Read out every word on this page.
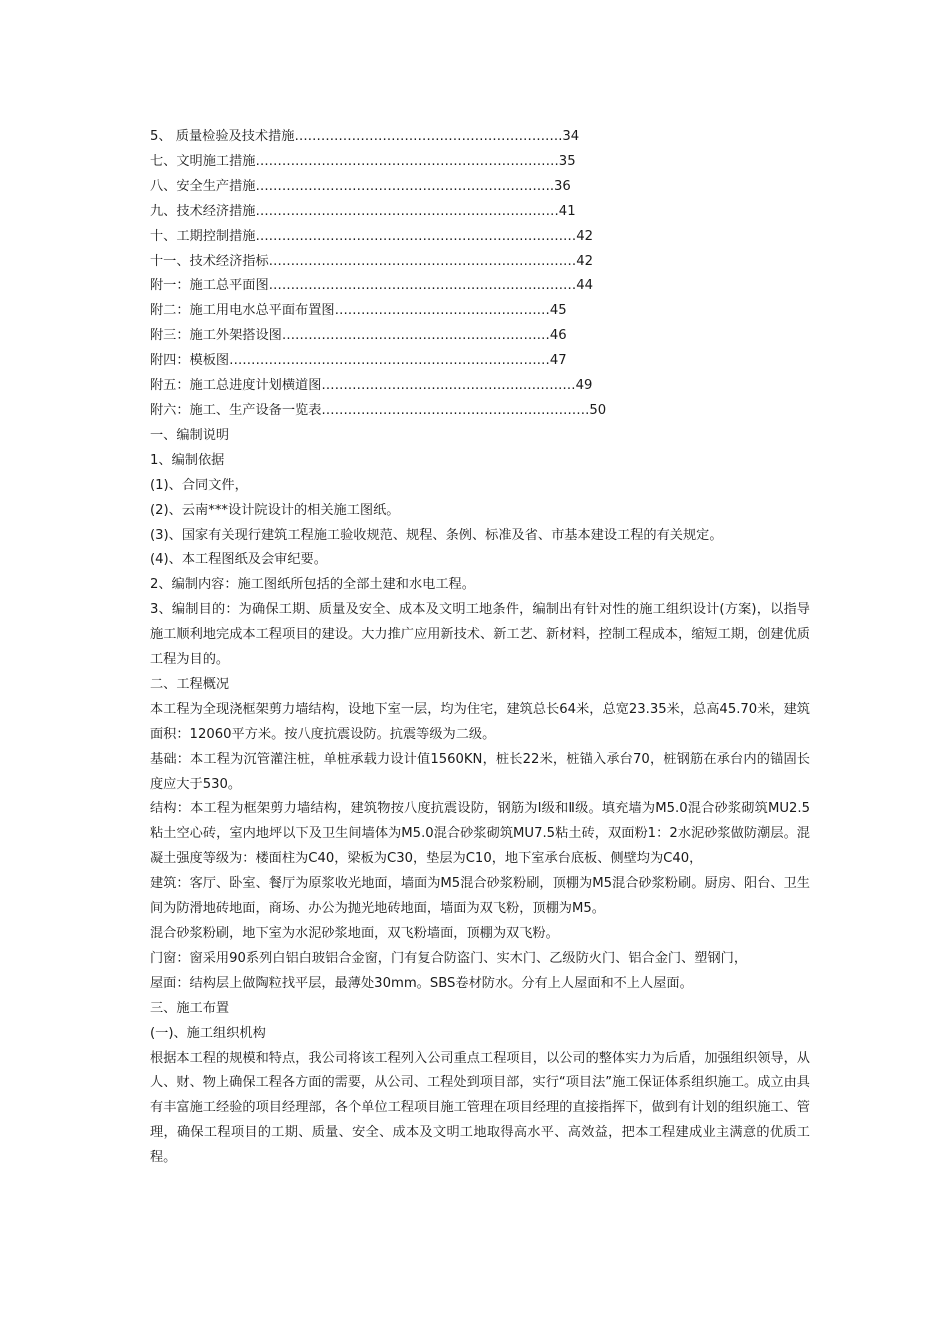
5、 质量检验及技术措施…………………………………………………….34

七、文明施工措施……………………………………………………………35

八、安全生产措施…………………………………………………………..36

九、技术经济措施……………………………………………………………41

十、工期控制措施…………………………………………………….…………42

十一、技术经济指标……………………………………………….……………42

附一：施工总平面图……………………………………………….……………44

附二：施工用电水总平面布置图……………………………….…………45

附三：施工外架搭设图………………………………………….…………46

附四：模板图…………………………………………………….…………47

附五：施工总进度计划横道图………………………..……………..…………49

附六：施工、生产设备一览表……………………………………….……………50

一、编制说明

1、编制依据

(1)、合同文件，

(2)、云南***设计院设计的相关施工图纸。

(3)、国家有关现行建筑工程施工验收规范、规程、条例、标准及省、市基本建设工程的有关规定。

(4)、本工程图纸及会审纪要。

2、编制内容：施工图纸所包括的全部土建和水电工程。

3、编制目的：为确保工期、质量及安全、成本及文明工地条件，编制出有针对性的施工组织设计(方案)，以指导施工顺利地完成本工程项目的建设。大力推广应用新技术、新工艺、新材料，控制工程成本，缩短工期，创建优质工程为目的。

二、工程概况

本工程为全现浇框架剪力墙结构，设地下室一层，均为住宅，建筑总长64米，总宽23.35米，总高45.70米，建筑面积：12060平方米。按八度抗震设防。抗震等级为二级。

基础：本工程为沉管灌注桩，单桩承载力设计值1560KN，桩长22米，桩锚入承台70，桩钢筋在承台内的锚固长度应大于530。

结构：本工程为框架剪力墙结构，建筑物按八度抗震设防，钢筋为Ⅰ级和Ⅱ级。填充墙为M5.0混合砂浆砌筑MU2.5粘土空心砖，室内地坪以下及卫生间墙体为M5.0混合砂浆砌筑MU7.5粘土砖，双面粉1：2水泥砂浆做防潮层。混凝土强度等级为：楼面柱为C40，梁板为C30，垫层为C10，地下室承台底板、侧壁均为C40，

建筑：客厅、卧室、餐厅为原浆收光地面，墙面为M5混合砂浆粉刷，顶棚为M5混合砂浆粉刷。厨房、阳台、卫生间为防滑地砖地面，商场、办公为抛光地砖地面，墙面为双飞粉，顶棚为M5。

混合砂浆粉刷，地下室为水泥砂浆地面，双飞粉墙面，顶棚为双飞粉。

门窗：窗采用90系列白铝白玻铝合金窗，门有复合防盗门、实木门、乙级防火门、铝合金门、塑钢门，

屋面：结构层上做陶粒找平层，最薄处30mm。SBS卷材防水。分有上人屋面和不上人屋面。

三、施工布置

(一)、施工组织机构

根据本工程的规模和特点，我公司将该工程列入公司重点工程项目，以公司的整体实力为后盾，加强组织领导，从人、财、物上确保工程各方面的需要，从公司、工程处到项目部，实行“项目法”施工保证体系组织施工。成立由具有丰富施工经验的项目经理部，各个单位工程项目施工管理在项目经理的直接指挥下，做到有计划的组织施工、管理，确保工程项目的工期、质量、安全、成本及文明工地取得高水平、高效益，把本工程建成业主满意的优质工程。
